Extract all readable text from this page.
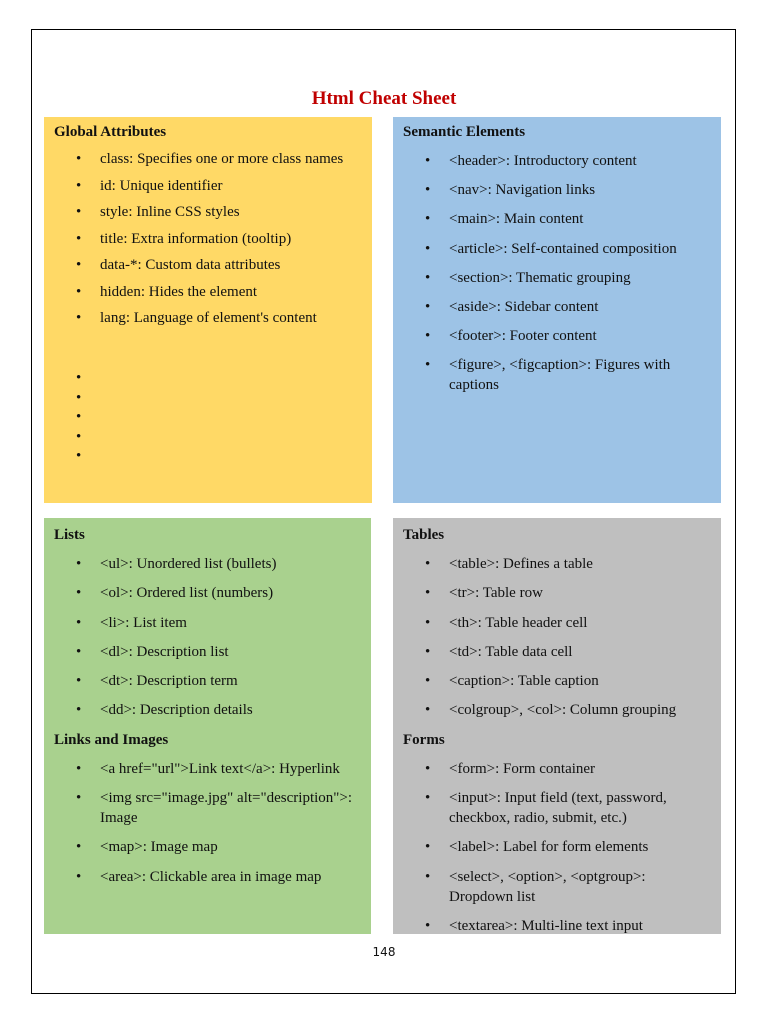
Html Cheat Sheet
Global Attributes
• class: Specifies one or more class names
• id: Unique identifier
• style: Inline CSS styles
• title: Extra information (tooltip)
• data-*: Custom data attributes
• hidden: Hides the element
• lang: Language of element's content
•
•
•
•
•
Semantic Elements
• <header>: Introductory content
• <nav>: Navigation links
• <main>: Main content
• <article>: Self-contained composition
• <section>: Thematic grouping
• <aside>: Sidebar content
• <footer>: Footer content
• <figure>, <figcaption>: Figures with captions
Lists
• <ul>: Unordered list (bullets)
• <ol>: Ordered list (numbers)
• <li>: List item
• <dl>: Description list
• <dt>: Description term
• <dd>: Description details
Links and Images
• <a href="url">Link text</a>: Hyperlink
• <img src="image.jpg" alt="description">: Image
• <map>: Image map
• <area>: Clickable area in image map
Tables
• <table>: Defines a table
• <tr>: Table row
• <th>: Table header cell
• <td>: Table data cell
• <caption>: Table caption
• <colgroup>, <col>: Column grouping
Forms
• <form>: Form container
• <input>: Input field (text, password, checkbox, radio, submit, etc.)
• <label>: Label for form elements
• <select>, <option>, <optgroup>: Dropdown list
• <textarea>: Multi-line text input
148
